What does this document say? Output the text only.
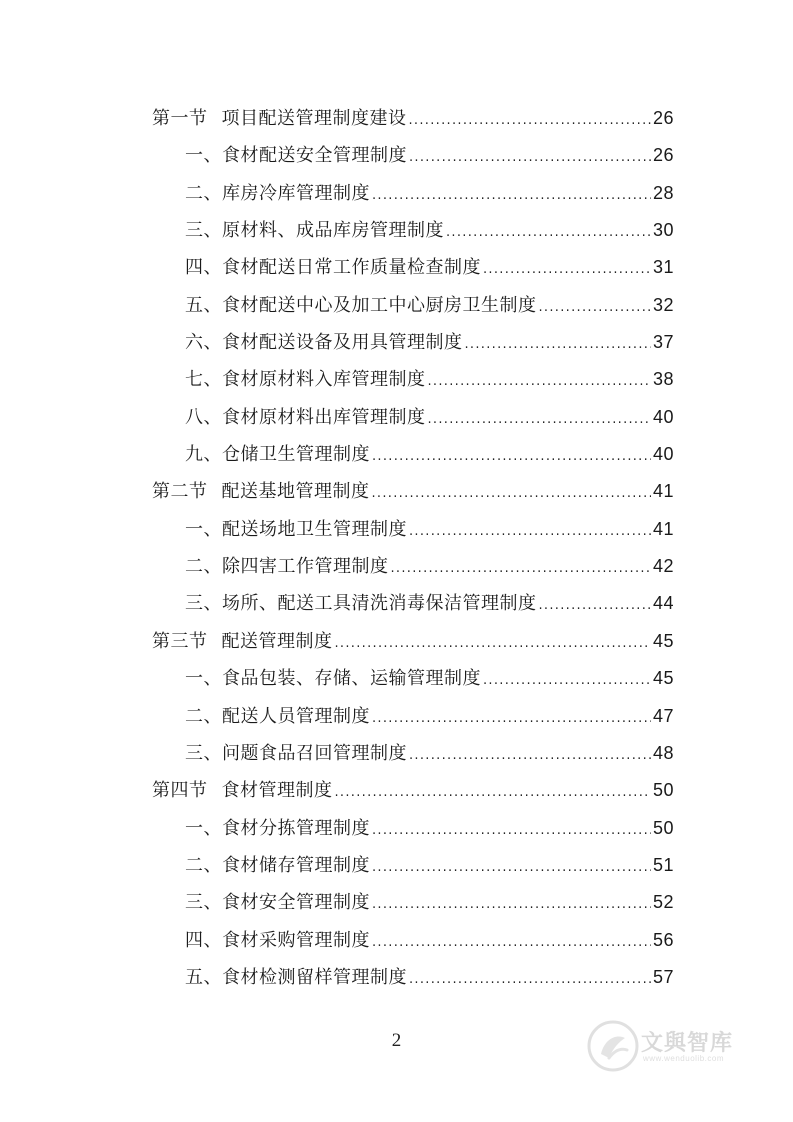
第一节 项目配送管理制度建设 .....	26
一、食材配送安全管理制度 .....	26
二、库房冷库管理制度 .....	28
三、原材料、成品库房管理制度 .....	30
四、食材配送日常工作质量检查制度 .....	31
五、食材配送中心及加工中心厨房卫生制度 .....	32
六、食材配送设备及用具管理制度 .....	37
七、食材原材料入库管理制度 .....	38
八、食材原材料出库管理制度 .....	40
九、仓储卫生管理制度 .....	40
第二节 配送基地管理制度 .....	41
一、配送场地卫生管理制度 .....	41
二、除四害工作管理制度 .....	42
三、场所、配送工具清洗消毒保洁管理制度 .....	44
第三节 配送管理制度 .....	45
一、食品包装、存储、运输管理制度 .....	45
二、配送人员管理制度 .....	47
三、问题食品召回管理制度 .....	48
第四节 食材管理制度 .....	50
一、食材分拣管理制度 .....	50
二、食材储存管理制度 .....	51
三、食材安全管理制度 .....	52
四、食材采购管理制度 .....	56
五、食材检测留样管理制度 .....	57
2	文與智库
www.wenduolib.com
